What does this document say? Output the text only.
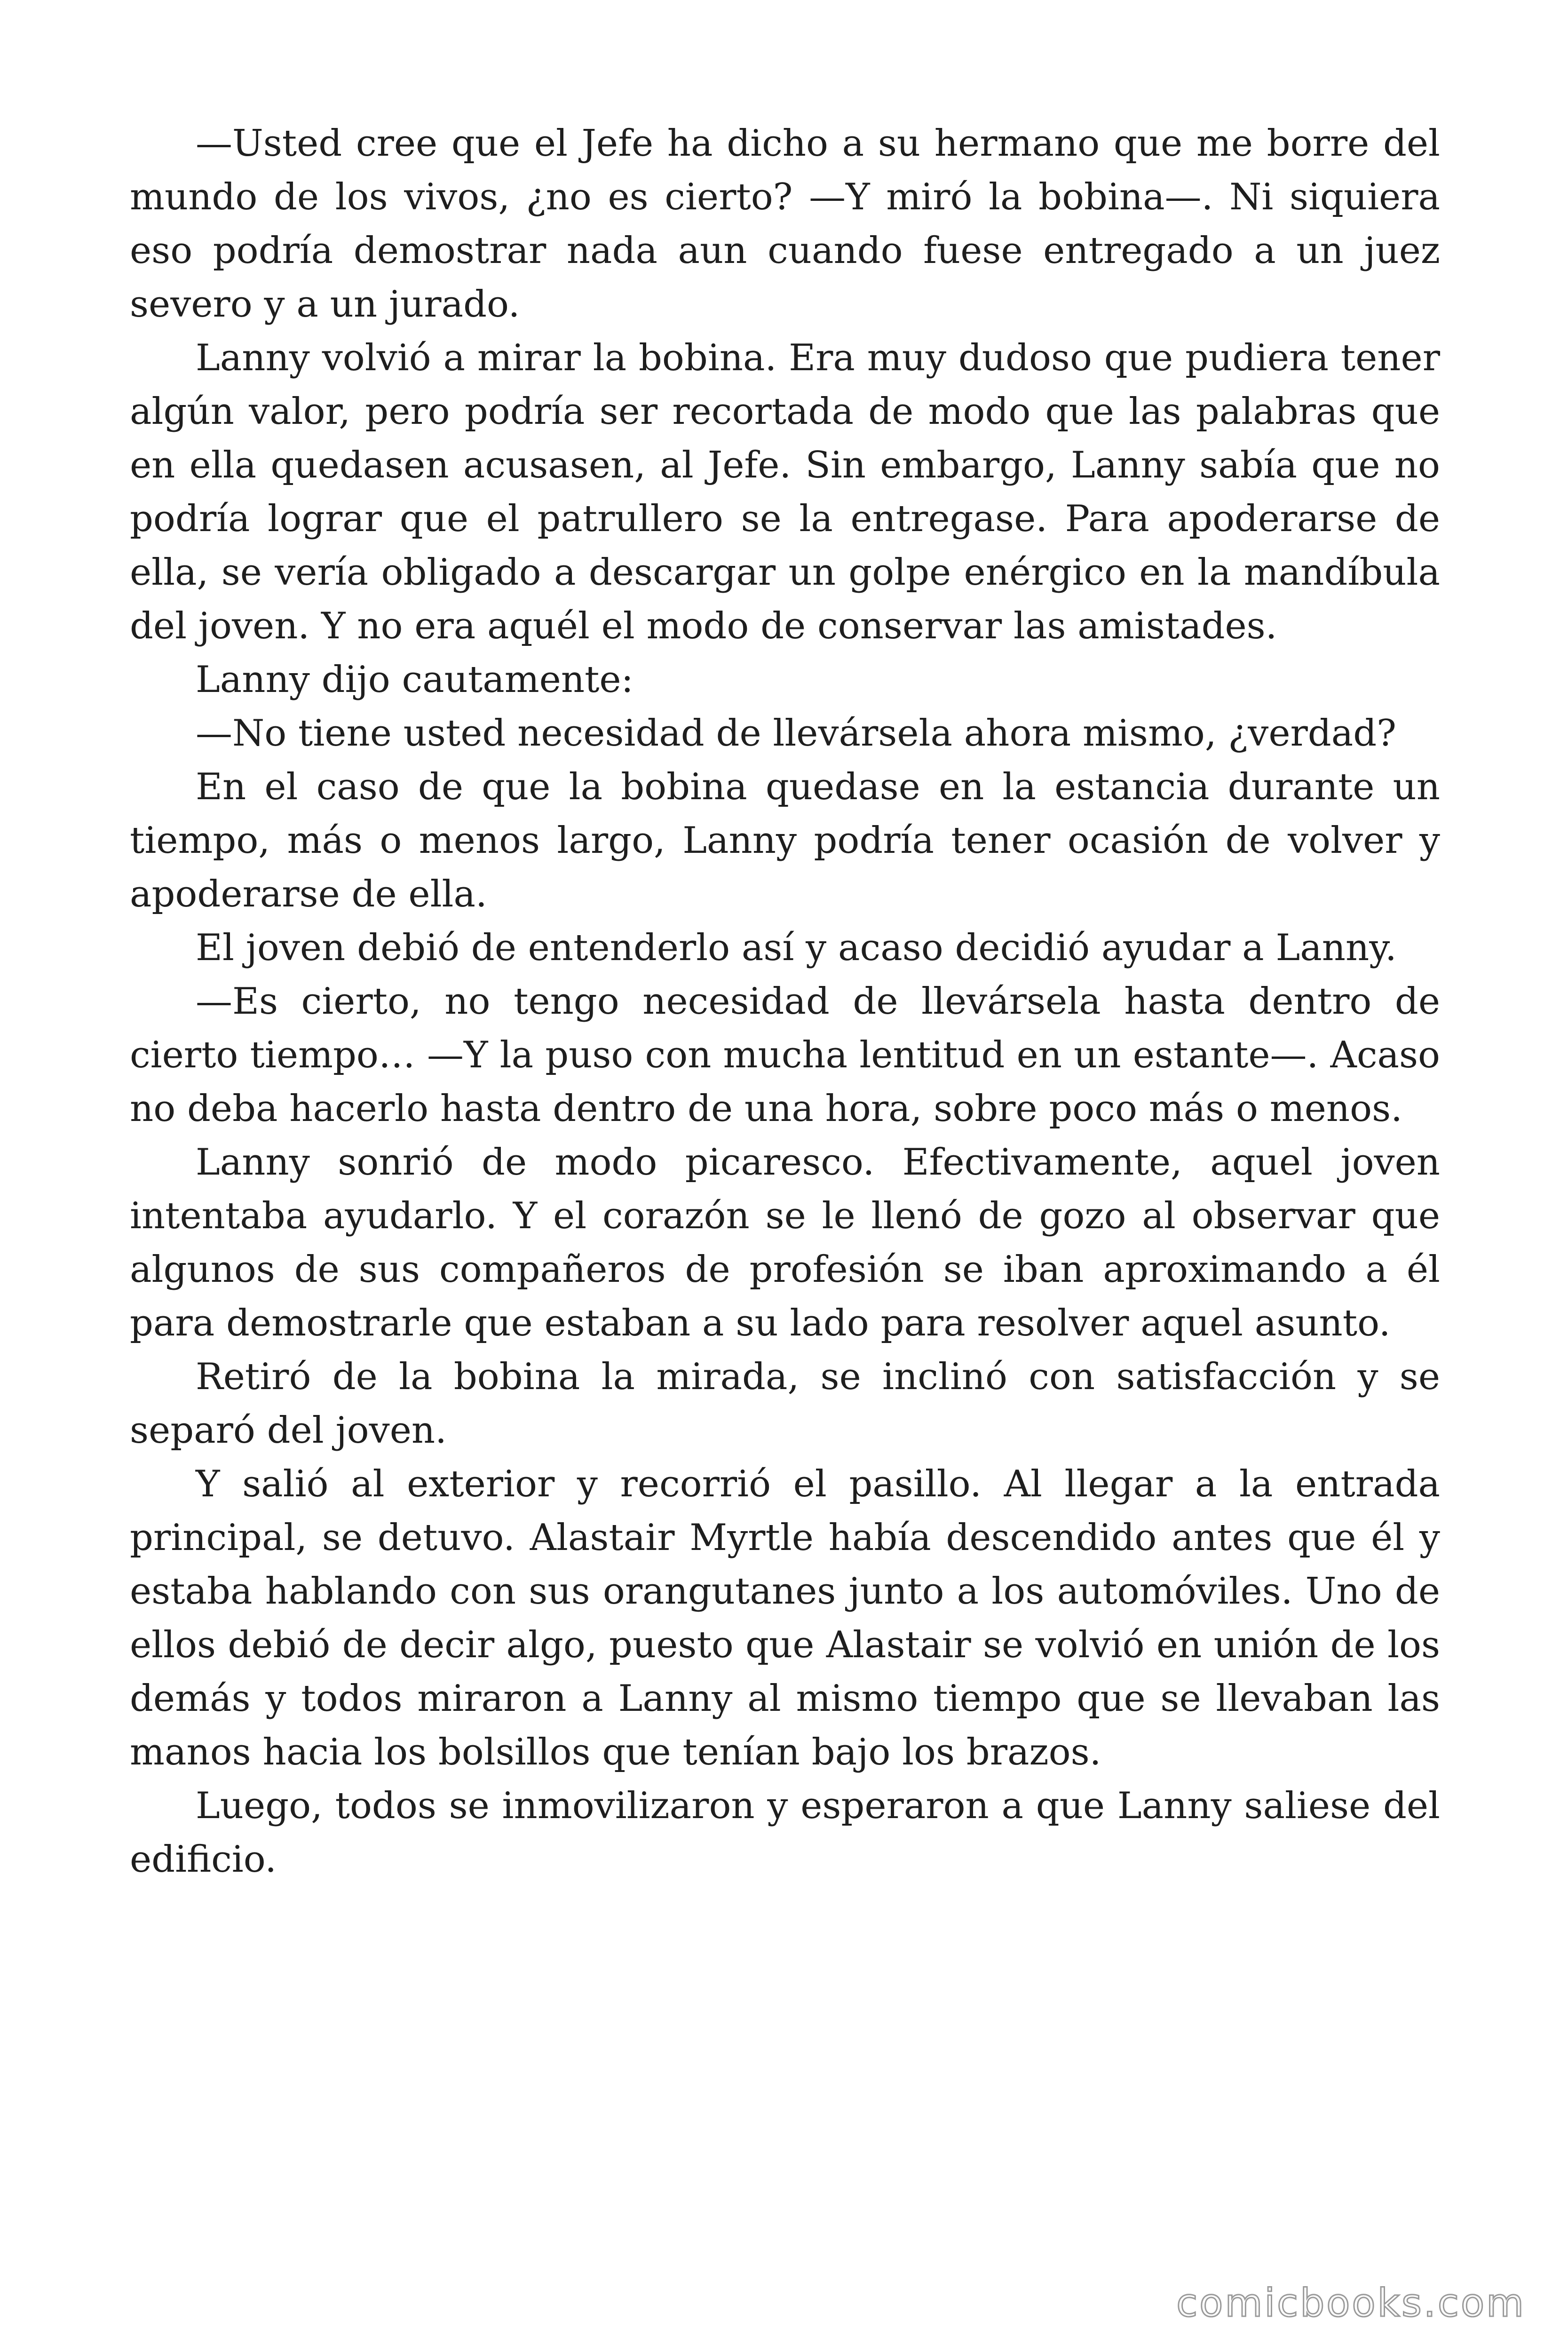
—Usted cree que el Jefe ha dicho a su hermano que me borre del mundo de los vivos, ¿no es cierto? —Y miró la bobina—. Ni siquiera eso podría demostrar nada aun cuando fuese entregado a un juez severo y a un jurado.

Lanny volvió a mirar la bobina. Era muy dudoso que pudiera tener algún valor, pero podría ser recortada de modo que las palabras que en ella quedasen acusasen, al Jefe. Sin embargo, Lanny sabía que no podría lograr que el patrullero se la entregase. Para apoderarse de ella, se vería obligado a descargar un golpe enérgico en la mandíbula del joven. Y no era aquél el modo de conservar las amistades.

Lanny dijo cautamente:

—No tiene usted necesidad de llevársela ahora mismo, ¿verdad?

En el caso de que la bobina quedase en la estancia durante un tiempo, más o menos largo, Lanny podría tener ocasión de volver y apoderarse de ella.

El joven debió de entenderlo así y acaso decidió ayudar a Lanny.

—Es cierto, no tengo necesidad de llevársela hasta dentro de cierto tiempo… —Y la puso con mucha lentitud en un estante—. Acaso no deba hacerlo hasta dentro de una hora, sobre poco más o menos.

Lanny sonrió de modo picaresco. Efectivamente, aquel joven intentaba ayudarlo. Y el corazón se le llenó de gozo al observar que algunos de sus compañeros de profesión se iban aproximando a él para demostrarle que estaban a su lado para resolver aquel asunto.

Retiró de la bobina la mirada, se inclinó con satisfacción y se separó del joven.

Y salió al exterior y recorrió el pasillo. Al llegar a la entrada principal, se detuvo. Alastair Myrtle había descendido antes que él y estaba hablando con sus orangutanes junto a los automóviles. Uno de ellos debió de decir algo, puesto que Alastair se volvió en unión de los demás y todos miraron a Lanny al mismo tiempo que se llevaban las manos hacia los bolsillos que tenían bajo los brazos.

Luego, todos se inmovilizaron y esperaron a que Lanny saliese del edificio.

comicbooks.com
